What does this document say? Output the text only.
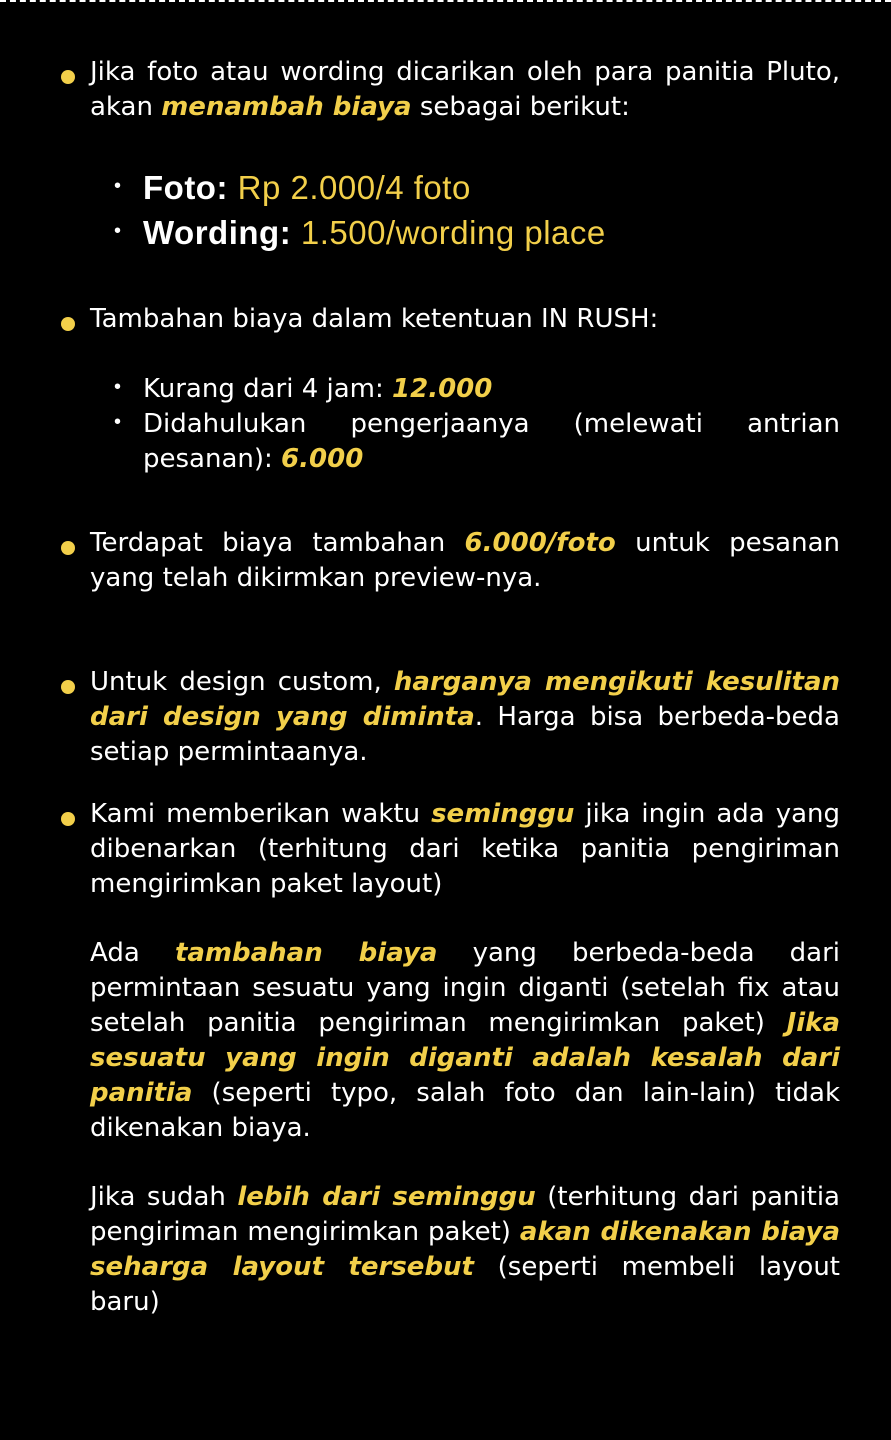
Jika foto atau wording dicarikan oleh para panitia Pluto, akan menambah biaya sebagai berikut:
• Foto: Rp 2.000/4 foto
• Wording: 1.500/wording place
Tambahan biaya dalam ketentuan IN RUSH:
• Kurang dari 4 jam: 12.000
• Didahulukan pengerjaanya (melewati antrian pesanan): 6.000
Terdapat biaya tambahan 6.000/foto untuk pesanan yang telah dikirmkan preview-nya.
Untuk design custom, harganya mengikuti kesulitan dari design yang diminta. Harga bisa berbeda-beda setiap permintaanya.
Kami memberikan waktu seminggu jika ingin ada yang dibenarkan (terhitung dari ketika panitia pengiriman mengirimkan paket layout)
Ada tambahan biaya yang berbeda-beda dari permintaan sesuatu yang ingin diganti (setelah fix atau setelah panitia pengiriman mengirimkan paket) Jika sesuatu yang ingin diganti adalah kesalah dari panitia (seperti typo, salah foto dan lain-lain) tidak dikenakan biaya.
Jika sudah lebih dari seminggu (terhitung dari panitia pengiriman mengirimkan paket) akan dikenakan biaya seharga layout tersebut (seperti membeli layout baru)
